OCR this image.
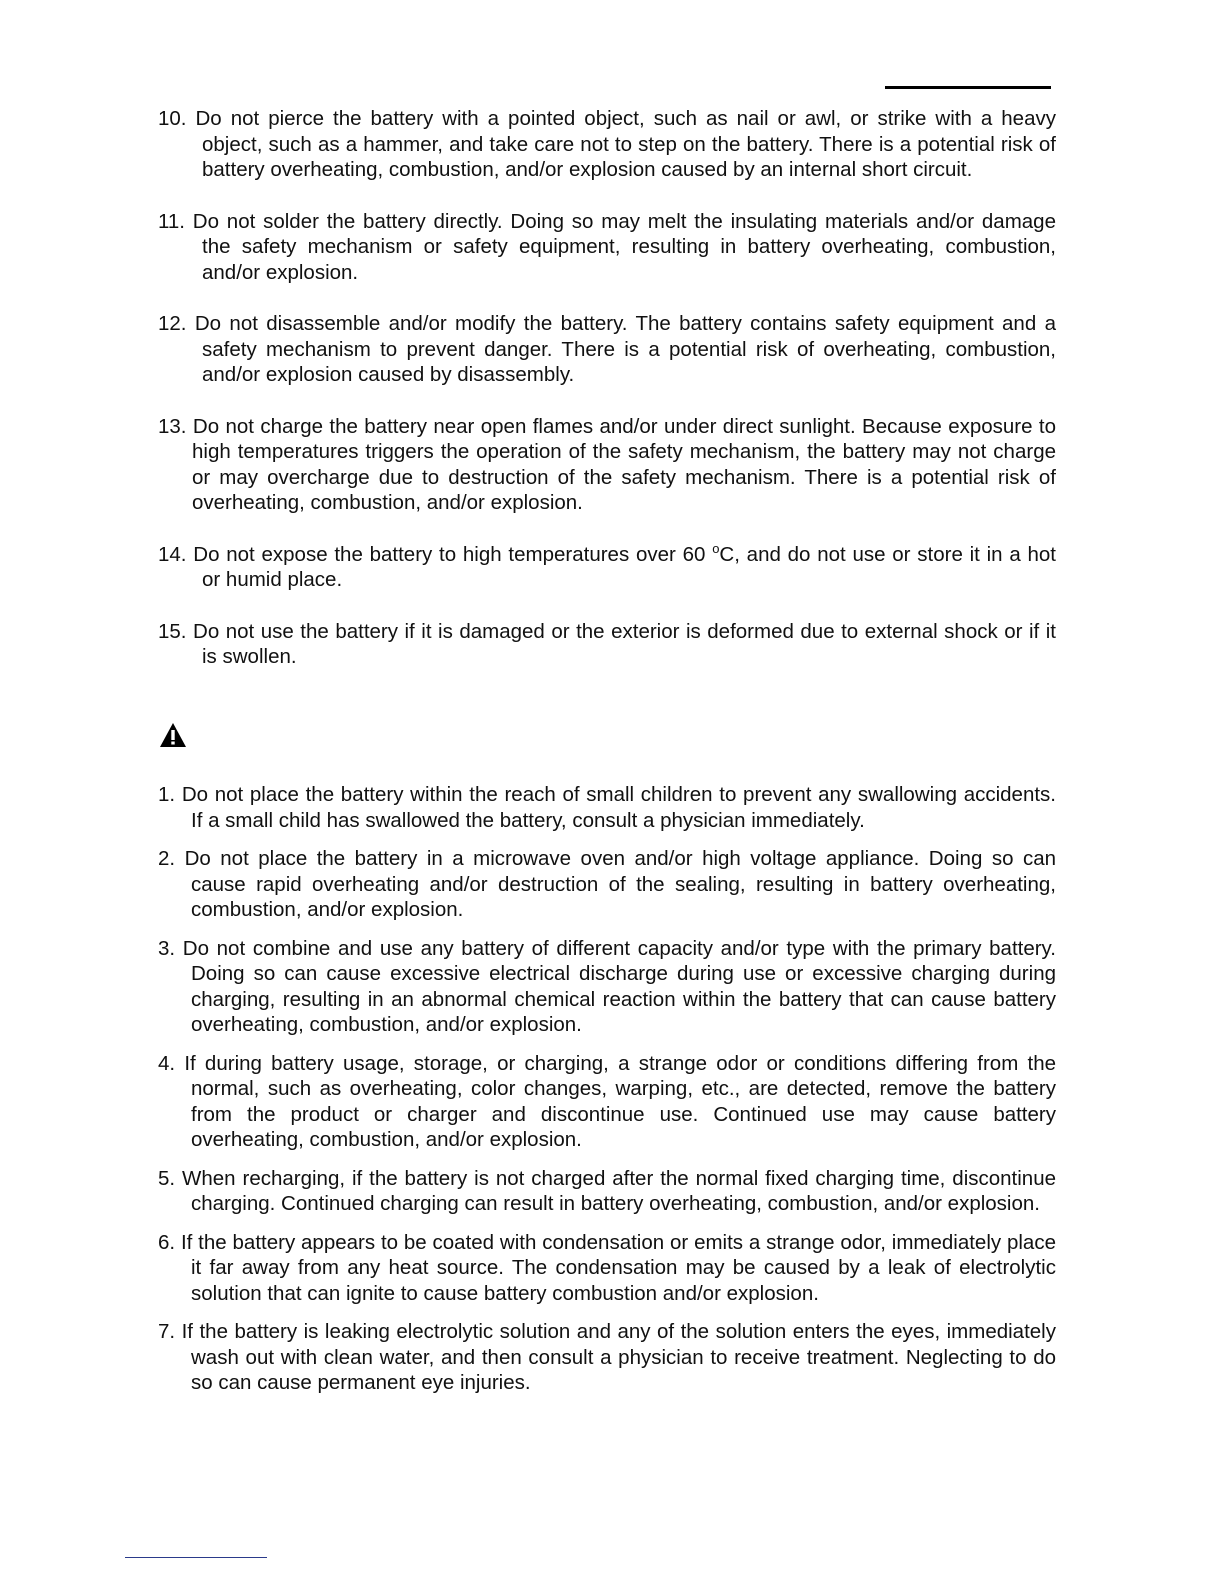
10. Do not pierce the battery with a pointed object, such as nail or awl, or strike with a heavy object, such as a hammer, and take care not to step on the battery. There is a potential risk of battery overheating, combustion, and/or explosion caused by an internal short circuit.

11. Do not solder the battery directly. Doing so may melt the insulating materials and/or damage the safety mechanism or safety equipment, resulting in battery overheating, combustion, and/or explosion.

12. Do not disassemble and/or modify the battery. The battery contains safety equipment and a safety mechanism to prevent danger. There is a potential risk of overheating, combustion, and/or explosion caused by disassembly.

13. Do not charge the battery near open flames and/or under direct sunlight. Because exposure to high temperatures triggers the operation of the safety mechanism, the battery may not charge or may overcharge due to destruction of the safety mechanism. There is a potential risk of overheating, combustion, and/or explosion.

14. Do not expose the battery to high temperatures over 60 $^o$C, and do not use or store it in a hot or humid place.

15. Do not use the battery if it is damaged or the exterior is deformed due to external shock or if it is swollen.

1. Do not place the battery within the reach of small children to prevent any swallowing accidents. If a small child has swallowed the battery, consult a physician immediately.

2. Do not place the battery in a microwave oven and/or high voltage appliance. Doing so can cause rapid overheating and/or destruction of the sealing, resulting in battery overheating, combustion, and/or explosion.

3. Do not combine and use any battery of different capacity and/or type with the primary battery. Doing so can cause excessive electrical discharge during use or excessive charging during charging, resulting in an abnormal chemical reaction within the battery that can cause battery overheating, combustion, and/or explosion.

4. If during battery usage, storage, or charging, a strange odor or conditions differing from the normal, such as overheating, color changes, warping, etc., are detected, remove the battery from the product or charger and discontinue use. Continued use may cause battery overheating, combustion, and/or explosion.

5. When recharging, if the battery is not charged after the normal fixed charging time, discontinue charging. Continued charging can result in battery overheating, combustion, and/or explosion.

6. If the battery appears to be coated with condensation or emits a strange odor, immediately place it far away from any heat source. The condensation may be caused by a leak of electrolytic solution that can ignite to cause battery combustion and/or explosion.

7. If the battery is leaking electrolytic solution and any of the solution enters the eyes, immediately wash out with clean water, and then consult a physician to receive treatment. Neglecting to do so can cause permanent eye injuries.
